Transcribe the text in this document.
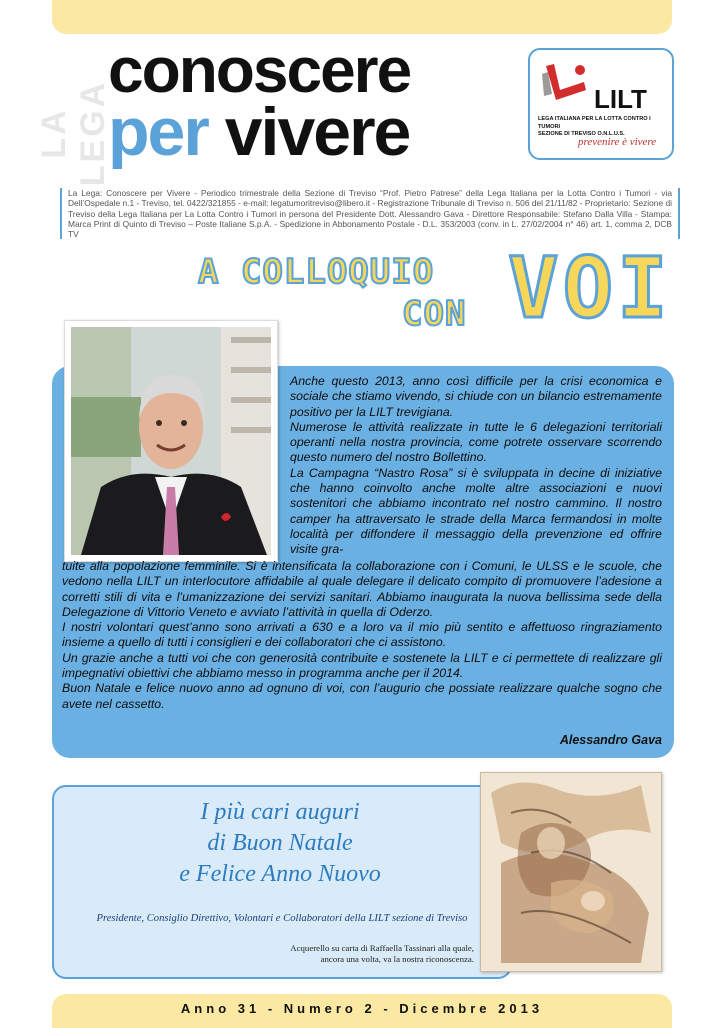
LA LEGA
conoscere
per vivere	LILT
LEGA ITALIANA PER LA LOTTA CONTRO I TUMORI
SEZIONE DI TREVISO O.N.L.U.S.
prevenire è vivere
La Lega: Conoscere per Vivere - Periodico trimestrale della Sezione di Treviso “Prof. Pietro Patrese” della Lega Italiana per la Lotta Contro i Tumori - via Dell’Ospedale n.1 - Treviso, tel. 0422/321855 - e-mail: legatumoritreviso@libero.it - Registrazione Tribunale di Treviso n. 506 del 21/11/82 - Proprietario: Sezione di Treviso della Lega Italiana per La Lotta Contro i Tumori in persona del Presidente Dott. Alessandro Gava - Direttore Responsabile: Stefano Dalla Villa - Stampa: Marca Print di Quinto di Treviso – Poste Italiane S.p.A. - Spedizione in Abbonamento Postale - D.L. 353/2003 (conv. in L. 27/02/2004 n° 46) art. 1, comma 2, DCB TV
A COLLOQUIO
CON VOI

Anche questo 2013, anno così difficile per la crisi economica e sociale che stiamo vivendo, si chiude con un bilancio estremamente positivo per la LILT trevigiana.

Numerose le attività realizzate in tutte le 6 delegazioni territoriali operanti nella nostra provincia, come potrete osservare scorrendo questo numero del nostro Bollettino.

La Campagna “Nastro Rosa” si è sviluppata in decine di iniziative che hanno coinvolto anche molte altre associazioni e nuovi sostenitori che abbiamo incontrato nel nostro cammino. Il nostro camper ha attraversato le strade della Marca fermandosi in molte località per diffondere il messaggio della prevenzione ed offrire visite gra-

tuite alla popolazione femminile. Si è intensificata la collaborazione con i Comuni, le ULSS e le scuole, che vedono nella LILT un interlocutore affidabile al quale delegare il delicato compito di promuovere l’adesione a corretti stili di vita e l’umanizzazione dei servizi sanitari. Abbiamo inaugurata la nuova bellissima sede della Delegazione di Vittorio Veneto e avviato l’attività in quella di Oderzo.

I nostri volontari quest’anno sono arrivati a 630 e a loro va il mio più sentito e affettuoso ringraziamento insieme a quello di tutti i consiglieri e dei collaboratori che ci assistono.

Un grazie anche a tutti voi che con generosità contribuite e sostenete la LILT e ci permettete di realizzare gli impegnativi obiettivi che abbiamo messo in programma anche per il 2014.

Buon Natale e felice nuovo anno ad ognuno di voi, con l’augurio che possiate realizzare qualche sogno che avete nel cassetto.

Alessandro Gava
I più cari auguri
di Buon Natale
e Felice Anno Nuovo
Presidente, Consiglio Direttivo, Volontari e Collaboratori della LILT sezione di Treviso
Acquerello su carta di Raffaella Tassinari alla quale,
ancora una volta, va la nostra riconoscenza.
Anno 31 - Numero 2 - Dicembre 2013
